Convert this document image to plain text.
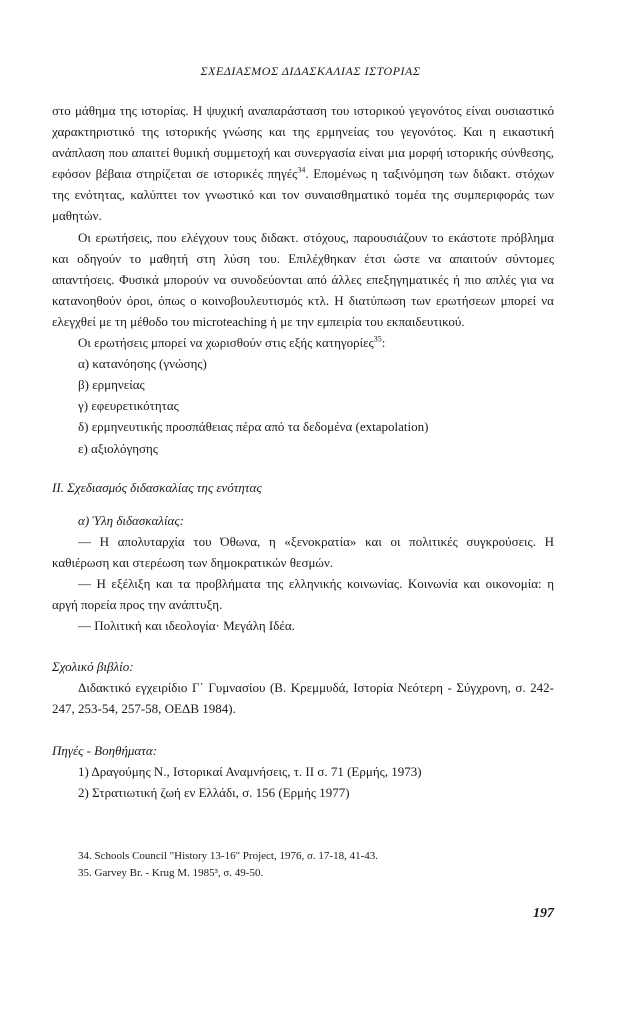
ΣΧΕΔΙΑΣΜΟΣ ΔΙΔΑΣΚΑΛΙΑΣ ΙΣΤΟΡΙΑΣ

στο μάθημα της ιστορίας. Η ψυχική αναπαράσταση του ιστορικού γεγονότος είναι ουσιαστικό χαρακτηριστικό της ιστορικής γνώσης και της ερμηνείας του γεγονότος. Και η εικαστική ανάπλαση που απαιτεί θυμική συμμετοχή και συνεργασία είναι μια μορφή ιστορικής σύνθεσης, εφόσον βέβαια στηρίζεται σε ιστορικές πηγές$^{34}$. Επομένως η ταξινόμηση των διδακτ. στόχων της ενότητας, καλύπτει τον γνωστικό και τον συναισθηματικό τομέα της συμπεριφοράς των μαθητών.

Οι ερωτήσεις, που ελέγχουν τους διδακτ. στόχους, παρουσιάζουν το εκάστοτε πρόβλημα και οδηγούν το μαθητή στη λύση του. Επιλέχθηκαν έτσι ώστε να απαιτούν σύντομες απαντήσεις. Φυσικά μπορούν να συνοδεύονται από άλλες επεξηγηματικές ή πιο απλές για να κατανοηθούν όροι, όπως ο κοινοβουλευτισμός κτλ. Η διατύπωση των ερωτήσεων μπορεί να ελεγχθεί με τη μέθοδο του microteaching ή με την εμπειρία του εκπαιδευτικού.

Οι ερωτήσεις μπορεί να χωρισθούν στις εξής κατηγορίες$^{35}$:

α) κατανόησης (γνώσης)

β) ερμηνείας

γ) εφευρετικότητας

δ) ερμηνευτικής προσπάθειας πέρα από τα δεδομένα (extapolation)

ε) αξιολόγησης

ΙΙ. Σχεδιασμός διδασκαλίας της ενότητας

α) Ύλη διδασκαλίας:

— Η απολυταρχία του Όθωνα, η «ξενοκρατία» και οι πολιτικές συγκρούσεις. Η καθιέρωση και στερέωση των δημοκρατικών θεσμών.

— Η εξέλιξη και τα προβλήματα της ελληνικής κοινωνίας. Κοινωνία και οικονομία: η αργή πορεία προς την ανάπτυξη.

— Πολιτική και ιδεολογία· Μεγάλη Ιδέα.

Σχολικό βιβλίο:

Διδακτικό εγχειρίδιο Γ΄ Γυμνασίου (Β. Κρεμμυδά, Ιστορία Νεότερη - Σύγχρονη, σ. 242-247, 253-54, 257-58, ΟΕΔΒ 1984).

Πηγές - Βοηθήματα:

1) Δραγούμης Ν., Ιστορικαί Αναμνήσεις, τ. ΙΙ σ. 71 (Ερμής, 1973)

2) Στρατιωτική ζωή εν Ελλάδι, σ. 156 (Ερμής 1977)

34. Schools Council "History 13-16" Project, 1976, σ. 17-18, 41-43.

35. Garvey Br. - Krug M. 1985³, σ. 49-50.

197
